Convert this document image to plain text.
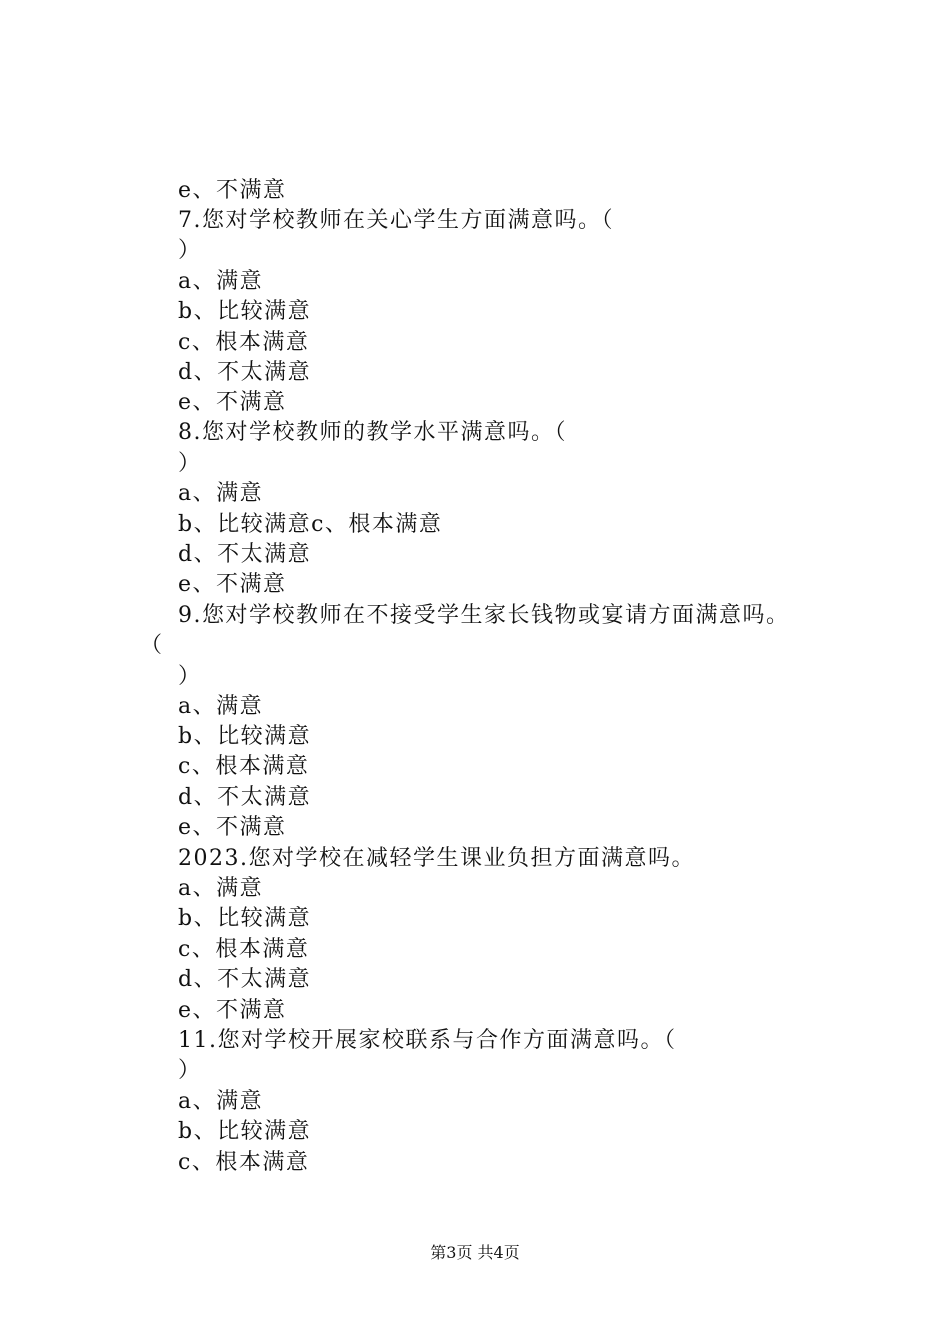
e、不满意
7.您对学校教师在关心学生方面满意吗。（
）
a、满意
b、比较满意
c、根本满意
d、不太满意
e、不满意
8.您对学校教师的教学水平满意吗。（
）
a、满意
b、比较满意c、根本满意
d、不太满意
e、不满意
9.您对学校教师在不接受学生家长钱物或宴请方面满意吗。
（
）
a、满意
b、比较满意
c、根本满意
d、不太满意
e、不满意
2023.您对学校在减轻学生课业负担方面满意吗。
a、满意
b、比较满意
c、根本满意
d、不太满意
e、不满意
11.您对学校开展家校联系与合作方面满意吗。（
）
a、满意
b、比较满意
c、根本满意
第3页 共4页
